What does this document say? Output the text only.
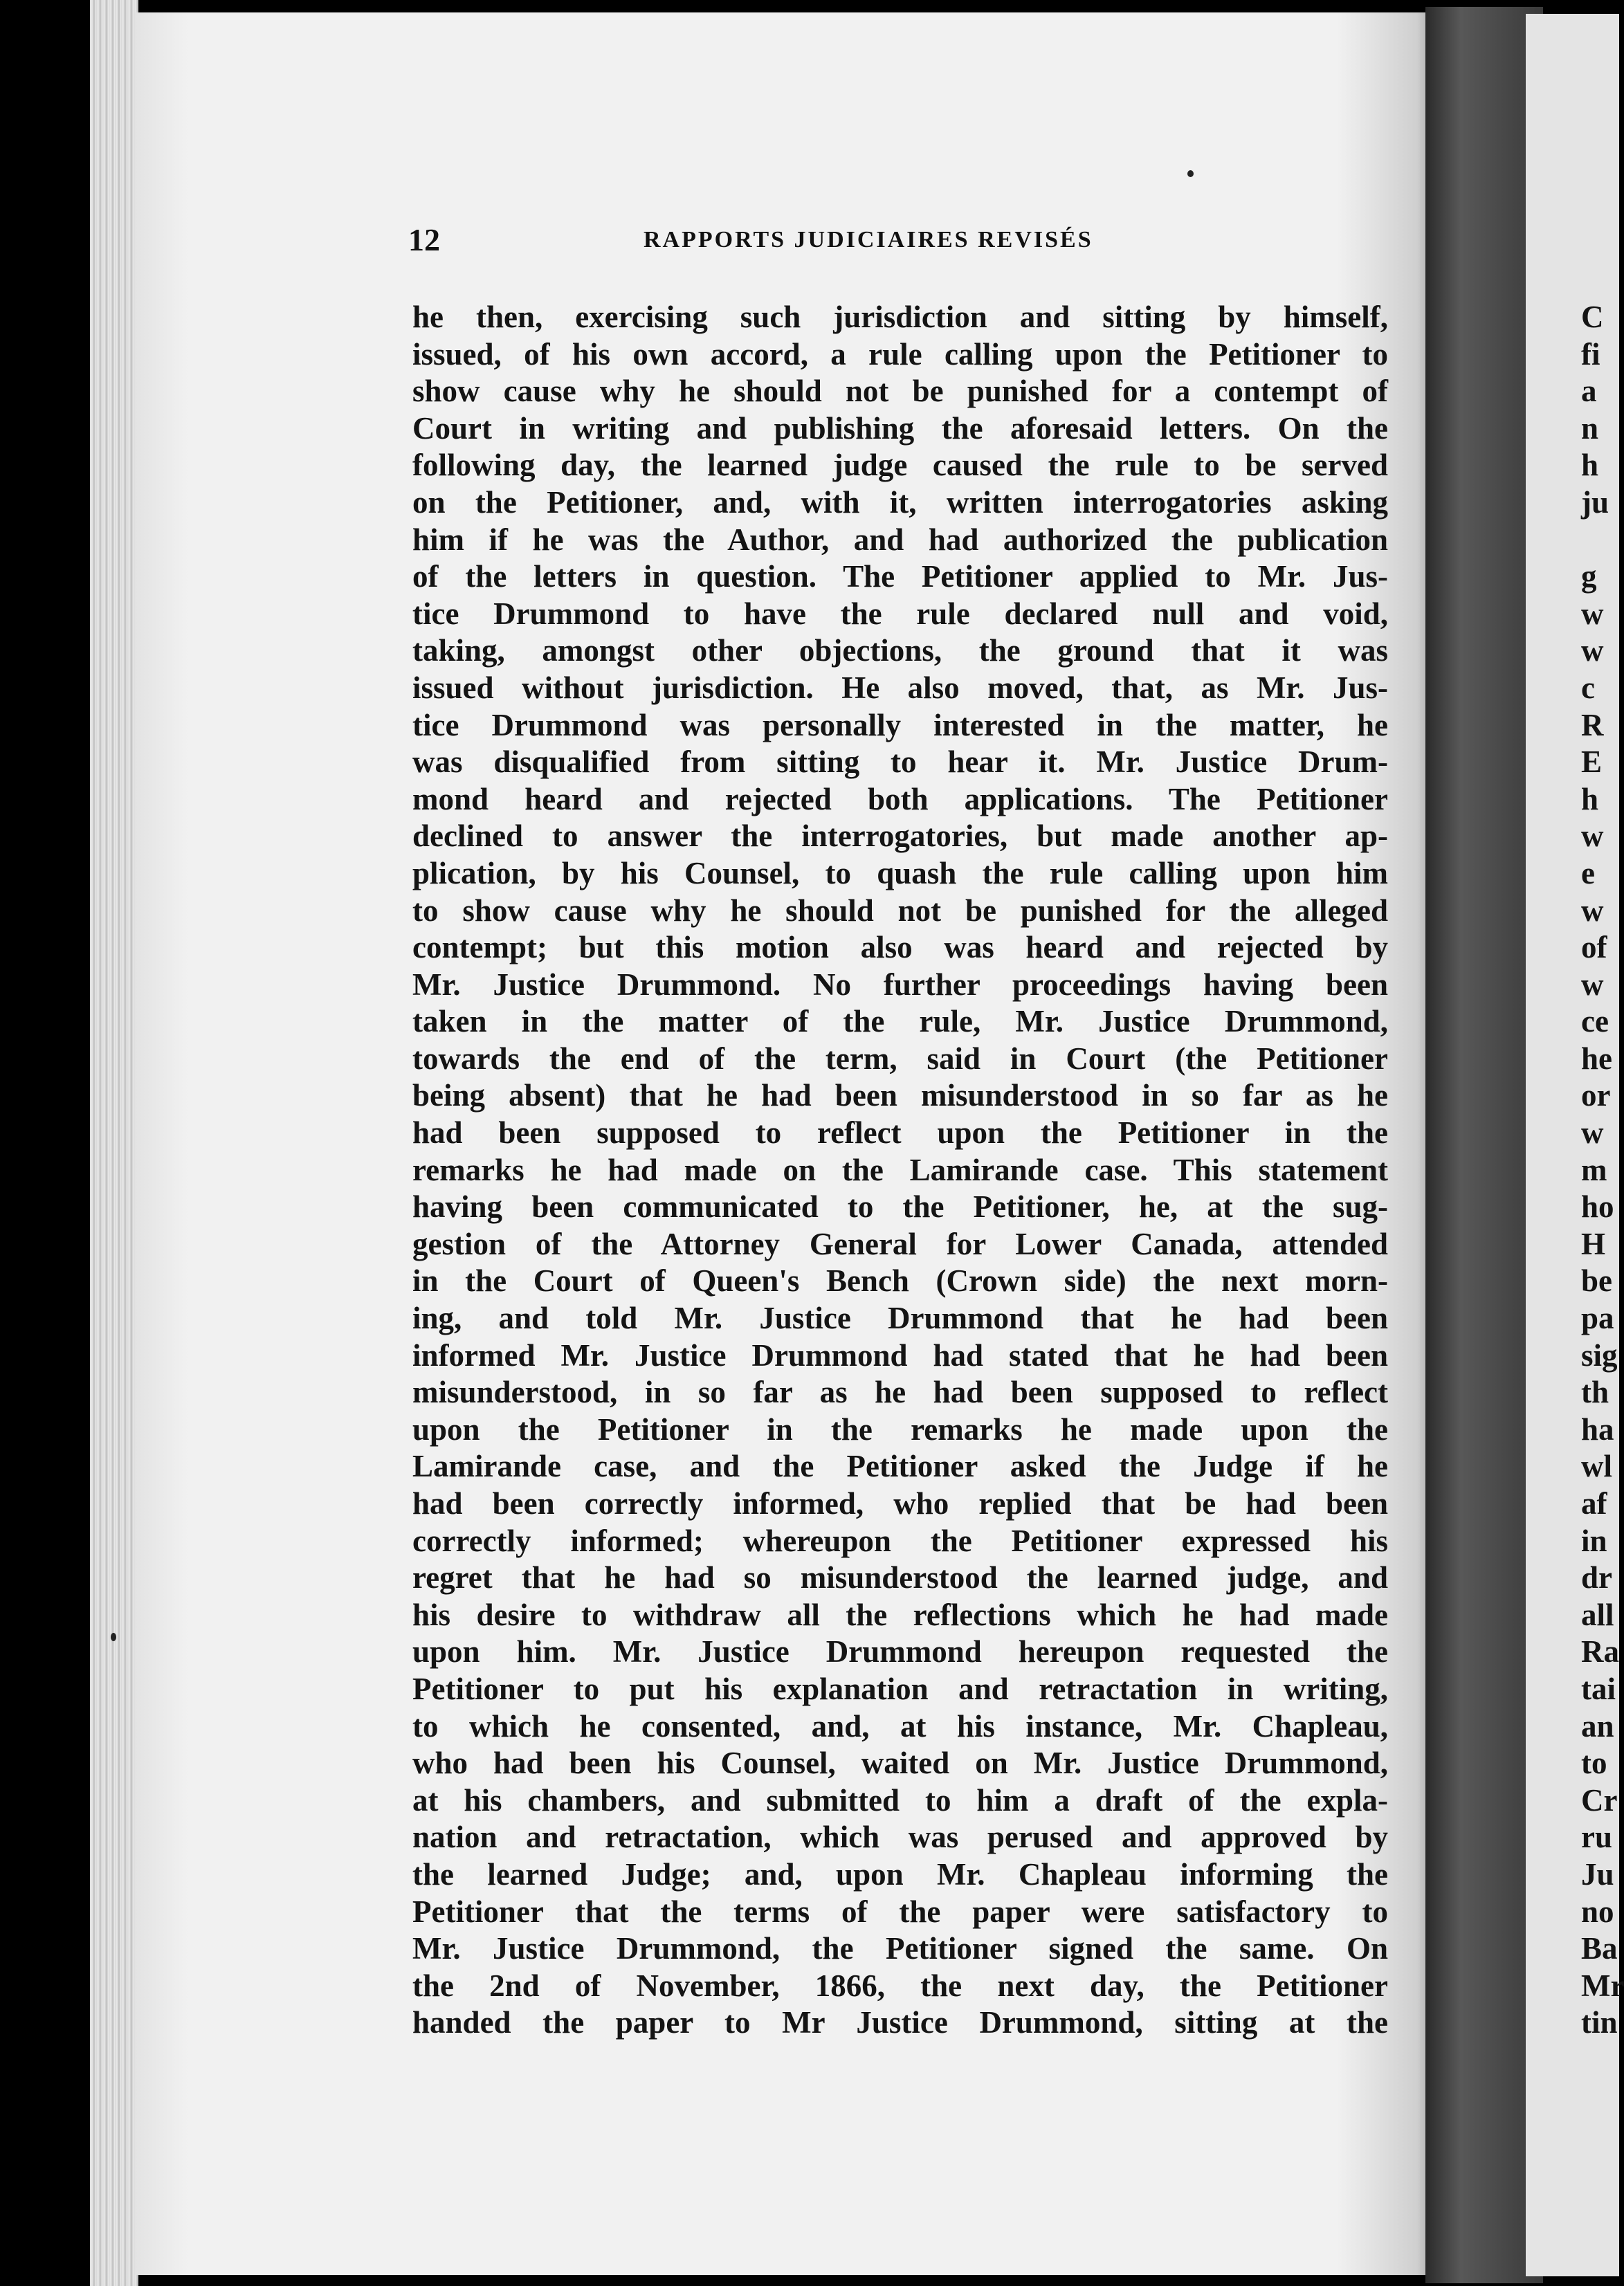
12	RAPPORTS JUDICIAIRES REVISÉS
he then, exercising such jurisdiction and sitting by himself,
issued, of his own accord, a rule calling upon the Petitioner to
show cause why he should not be punished for a contempt of
Court in writing and publishing the aforesaid letters. On the
following day, the learned judge caused the rule to be served
on the Petitioner, and, with it, written interrogatories asking
him if he was the Author, and had authorized the publication
of the letters in question. The Petitioner applied to Mr. Jus-
tice Drummond to have the rule declared null and void,
taking, amongst other objections, the ground that it was
issued without jurisdiction. He also moved, that, as Mr. Jus-
tice Drummond was personally interested in the matter, he
was disqualified from sitting to hear it. Mr. Justice Drum-
mond heard and rejected both applications. The Petitioner
declined to answer the interrogatories, but made another ap-
plication, by his Counsel, to quash the rule calling upon him
to show cause why he should not be punished for the alleged
contempt; but this motion also was heard and rejected by
Mr. Justice Drummond. No further proceedings having been
taken in the matter of the rule, Mr. Justice Drummond,
towards the end of the term, said in Court (the Petitioner
being absent) that he had been misunderstood in so far as he
had been supposed to reflect upon the Petitioner in the
remarks he had made on the Lamirande case. This statement
having been communicated to the Petitioner, he, at the sug-
gestion of the Attorney General for Lower Canada, attended
in the Court of Queen's Bench (Crown side) the next morn-
ing, and told Mr. Justice Drummond that he had been
informed Mr. Justice Drummond had stated that he had been
misunderstood, in so far as he had been supposed to reflect
upon the Petitioner in the remarks he made upon the
Lamirande case, and the Petitioner asked the Judge if he
had been correctly informed, who replied that be had been
correctly informed; whereupon the Petitioner expressed his
regret that he had so misunderstood the learned judge, and
his desire to withdraw all the reflections which he had made
upon him. Mr. Justice Drummond hereupon requested the
Petitioner to put his explanation and retractation in writing,
to which he consented, and, at his instance, Mr. Chapleau,
who had been his Counsel, waited on Mr. Justice Drummond,
at his chambers, and submitted to him a draft of the expla-
nation and retractation, which was perused and approved by
the learned Judge; and, upon Mr. Chapleau informing the
Petitioner that the terms of the paper were satisfactory to
Mr. Justice Drummond, the Petitioner signed the same. On
the 2nd of November, 1866, the next day, the Petitioner
handed the paper to Mr Justice Drummond, sitting at the
C
fi
a
n
h
ju
g
w
w
c
R
E
h
w
e
w
of
w
ce
he
or
w
m
ho
H
be
pa
sig
th
ha
wl
af
in
dr
all
Ra
tai
an
to
Cr
ru
Ju
no
Ba
Mr
tin
